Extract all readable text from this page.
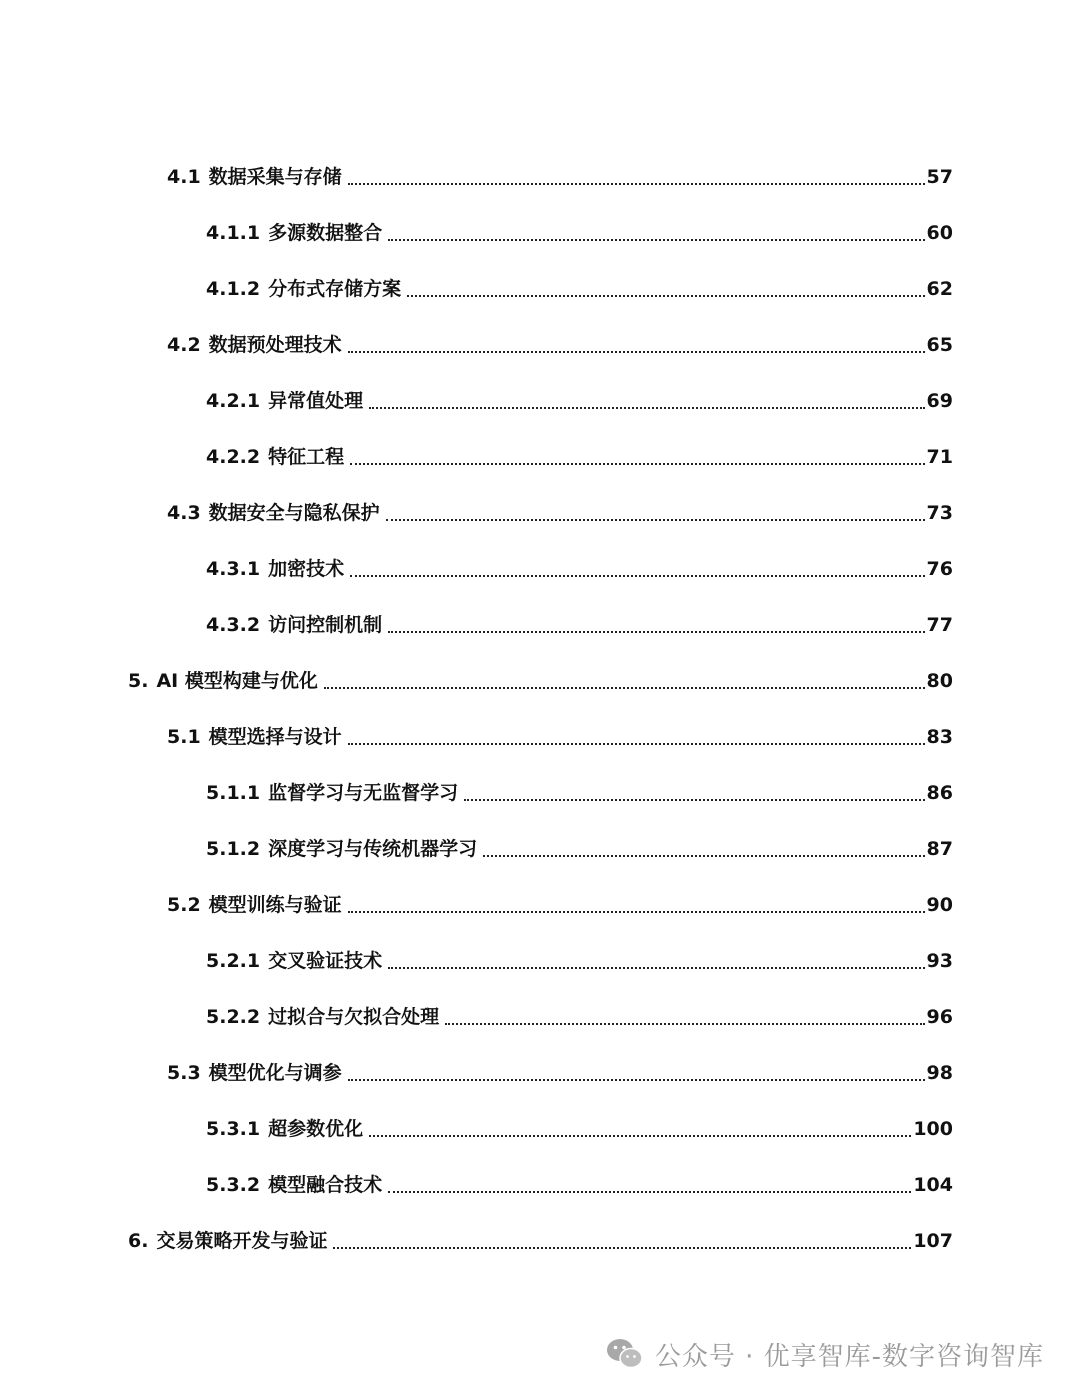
4.1 数据采集与存储	57
4.1.1 多源数据整合	60
4.1.2 分布式存储方案	62
4.2 数据预处理技术	65
4.2.1 异常值处理	69
4.2.2 特征工程	71
4.3 数据安全与隐私保护	73
4.3.1 加密技术	76
4.3.2 访问控制机制	77
5. AI 模型构建与优化	80
5.1 模型选择与设计	83
5.1.1 监督学习与无监督学习	86
5.1.2 深度学习与传统机器学习	87
5.2 模型训练与验证	90
5.2.1 交叉验证技术	93
5.2.2 过拟合与欠拟合处理	96
5.3 模型优化与调参	98
5.3.1 超参数优化	100
5.3.2 模型融合技术	104
6. 交易策略开发与验证	107
公众号 · 优享智库-数字咨询智库
